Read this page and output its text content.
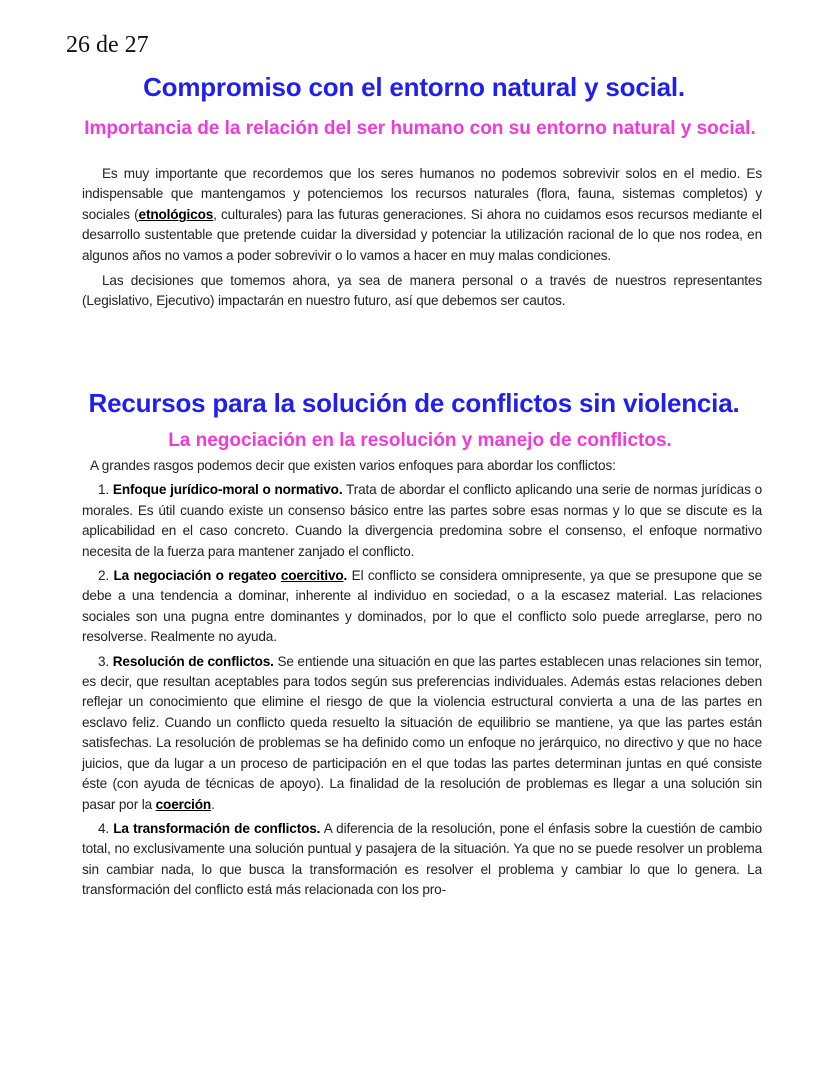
26 de 27
Compromiso con el entorno natural y social.
Importancia de la relación del ser humano con su entorno natural y social.

Es muy importante que recordemos que los seres humanos no podemos sobrevivir solos en el medio. Es indispensable que mantengamos y potenciemos los recursos naturales (flora, fauna, sistemas completos) y sociales (etnológicos, culturales) para las futuras generaciones. Si ahora no cuidamos esos recursos mediante el desarrollo sustentable que pretende cuidar la diversidad y potenciar la utilización racional de lo que nos rodea, en algunos años no vamos a poder sobrevivir o lo vamos a hacer en muy malas condiciones.

Las decisiones que tomemos ahora, ya sea de manera personal o a través de nuestros representantes (Legislativo, Ejecutivo) impactarán en nuestro futuro, así que debemos ser cautos.

Recursos para la solución de conflictos sin violencia.
La negociación en la resolución y manejo de conflictos.

A grandes rasgos podemos decir que existen varios enfoques para abordar los conflictos:

1. Enfoque jurídico-moral o normativo. Trata de abordar el conflicto aplicando una serie de normas jurídicas o morales. Es útil cuando existe un consenso básico entre las partes sobre esas normas y lo que se discute es la aplicabilidad en el caso concreto. Cuando la divergencia predomina sobre el consenso, el enfoque normativo necesita de la fuerza para mantener zanjado el conflicto.

2. La negociación o regateo coercitivo. El conflicto se considera omnipresente, ya que se presupone que se debe a una tendencia a dominar, inherente al individuo en sociedad, o a la escasez material. Las relaciones sociales son una pugna entre dominantes y dominados, por lo que el conflicto solo puede arreglarse, pero no resolverse. Realmente no ayuda.

3. Resolución de conflictos. Se entiende una situación en que las partes establecen unas relaciones sin temor, es decir, que resultan aceptables para todos según sus preferencias individuales. Además estas relaciones deben reflejar un conocimiento que elimine el riesgo de que la violencia estructural convierta a una de las partes en esclavo feliz. Cuando un conflicto queda resuelto la situación de equilibrio se mantiene, ya que las partes están satisfechas. La resolución de problemas se ha definido como un enfoque no jerárquico, no directivo y que no hace juicios, que da lugar a un proceso de participación en el que todas las partes determinan juntas en qué consiste éste (con ayuda de técnicas de apoyo). La finalidad de la resolución de problemas es llegar a una solución sin pasar por la coerción.

4. La transformación de conflictos. A diferencia de la resolución, pone el énfasis sobre la cuestión de cambio total, no exclusivamente una solución puntual y pasajera de la situación. Ya que no se puede resolver un problema sin cambiar nada, lo que busca la transformación es resolver el problema y cambiar lo que lo genera. La transformación del conflicto está más relacionada con los pro-
